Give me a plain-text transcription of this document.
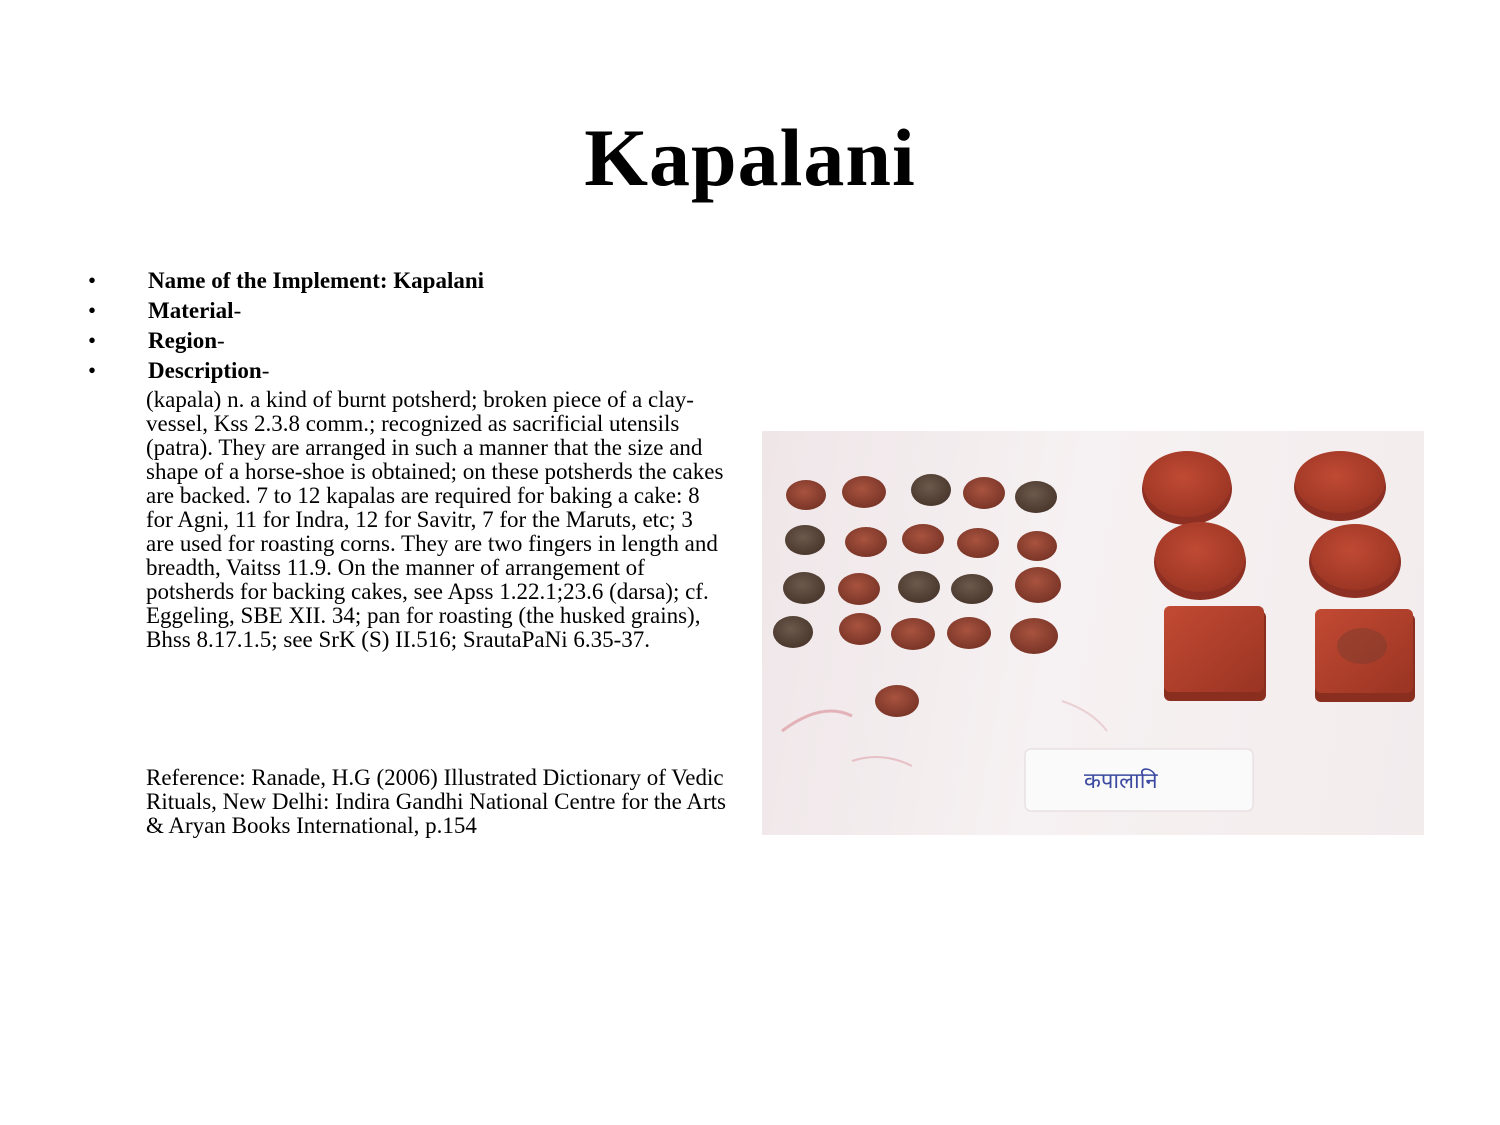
Kapalani
•	Name of the Implement: Kapalani
•	Material-
•	Region-
•	Description-
(kapala) n. a kind of burnt potsherd; broken piece of a clay-vessel, Kss 2.3.8 comm.; recognized as sacrificial utensils (patra). They are arranged in such a manner that the size and shape of a horse-shoe is obtained; on these potsherds the cakes are backed. 7 to 12 kapalas are required for baking a cake: 8 for Agni, 11 for Indra, 12 for Savitr, 7 for the Maruts, etc; 3 are used for roasting corns. They are two fingers in length and breadth, Vaitss 11.9. On the manner of arrangement of potsherds for backing cakes, see Apss 1.22.1;23.6 (darsa); cf. Eggeling, SBE XII. 34; pan for roasting (the husked grains), Bhss 8.17.1.5; see SrK (S) II.516; SrautaPaNi 6.35-37.
Reference: Ranade, H.G (2006) Illustrated Dictionary of Vedic Rituals, New Delhi: Indira Gandhi National Centre for the Arts & Aryan Books International, p.154
कपालानि
